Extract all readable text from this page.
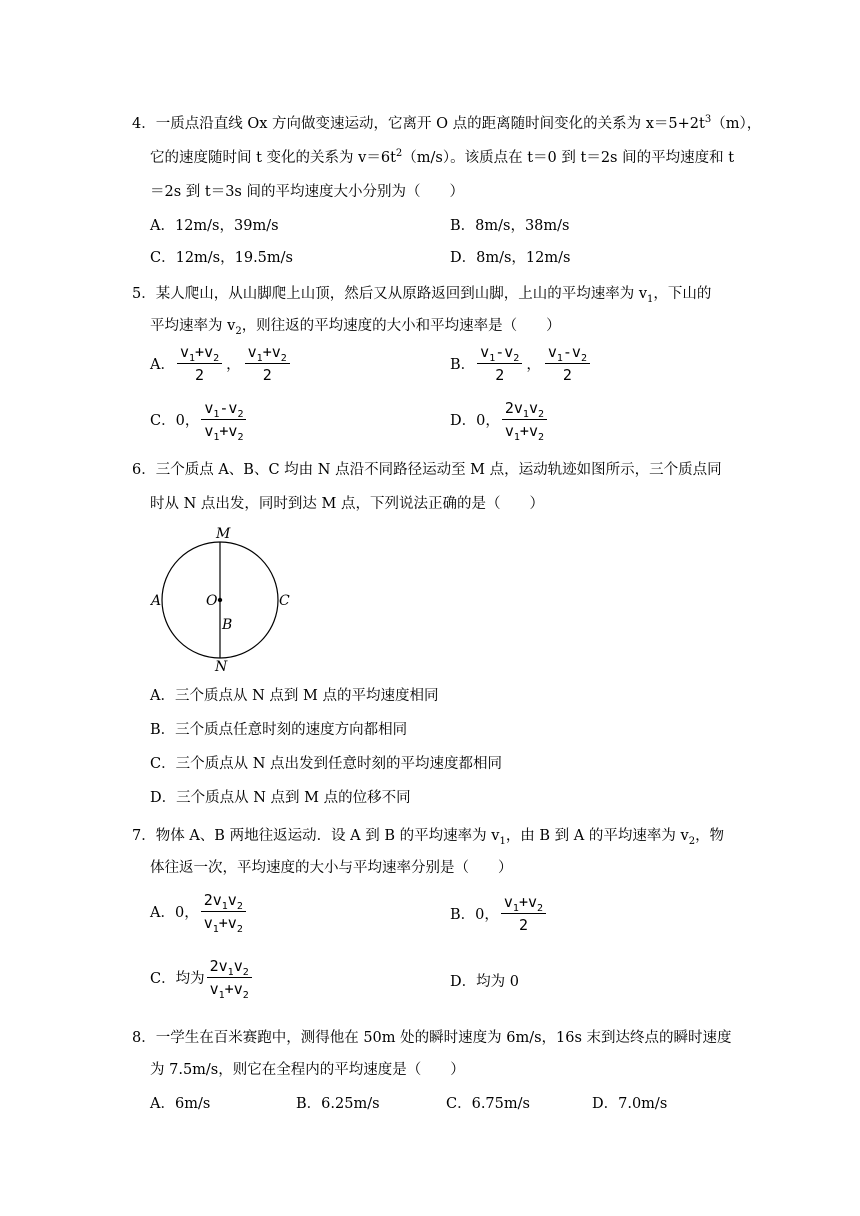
4．一质点沿直线 Ox 方向做变速运动，它离开 O 点的距离随时间变化的关系为 $x=5+2t^3(m)$，
它的速度随时间 t 变化的关系为 $v=6t^2(m/s)$。该质点在 t＝0 到 t＝2s 间的平均速度和 t
＝2s 到 t＝3s 间的平均速度大小分别为（　　）
A．12m/s，39m/s	B．8m/s，38m/s
C．12m/s，19.5m/s	D．8m/s，12m/s
5．某人爬山，从山脚爬上山顶，然后又从原路返回到山脚，上山的平均速率为 $v_1$，下山的
平均速率为 $v_2$，则往返的平均速度的大小和平均速率是（　　）
A． $\frac{v_1+v_2}{2}$ ， $\frac{v_1+v_2}{2}$	B． $\frac{v_1-v_2}{2}$ ， $\frac{v_1-v_2}{2}$
C．0， $\frac{v_1-v_2}{v_1+v_2}$	D．0， $\frac{2v_1v_2}{v_1+v_2}$
6．三个质点 A、B、C 均由 N 点沿不同路径运动至 M 点，运动轨迹如图所示，三个质点同
时从 N 点出发，同时到达 M 点，下列说法正确的是（　　）
M
N
A	C
O
B
A．三个质点从 N 点到 M 点的平均速度相同
B．三个质点任意时刻的速度方向都相同
C．三个质点从 N 点出发到任意时刻的平均速度都相同
D．三个质点从 N 点到 M 点的位移不同
7．物体 A、B 两地往返运动．设 A 到 B 的平均速率为 $v_1$，由 B 到 A 的平均速率为 $v_2$，物
体往返一次，平均速度的大小与平均速率分别是（　　）
A．0， $\frac{2v_1v_2}{v_1+v_2}$	B．0， $\frac{v_1+v_2}{2}$
C．均为 $\frac{2v_1v_2}{v_1+v_2}$	D．均为 0
8．一学生在百米赛跑中，测得他在 50m 处的瞬时速度为 6m/s，16s 末到达终点的瞬时速度
为 7.5m/s，则它在全程内的平均速度是（　　）
A．6m/s	B．6.25m/s	C．6.75m/s	D．7.0m/s
